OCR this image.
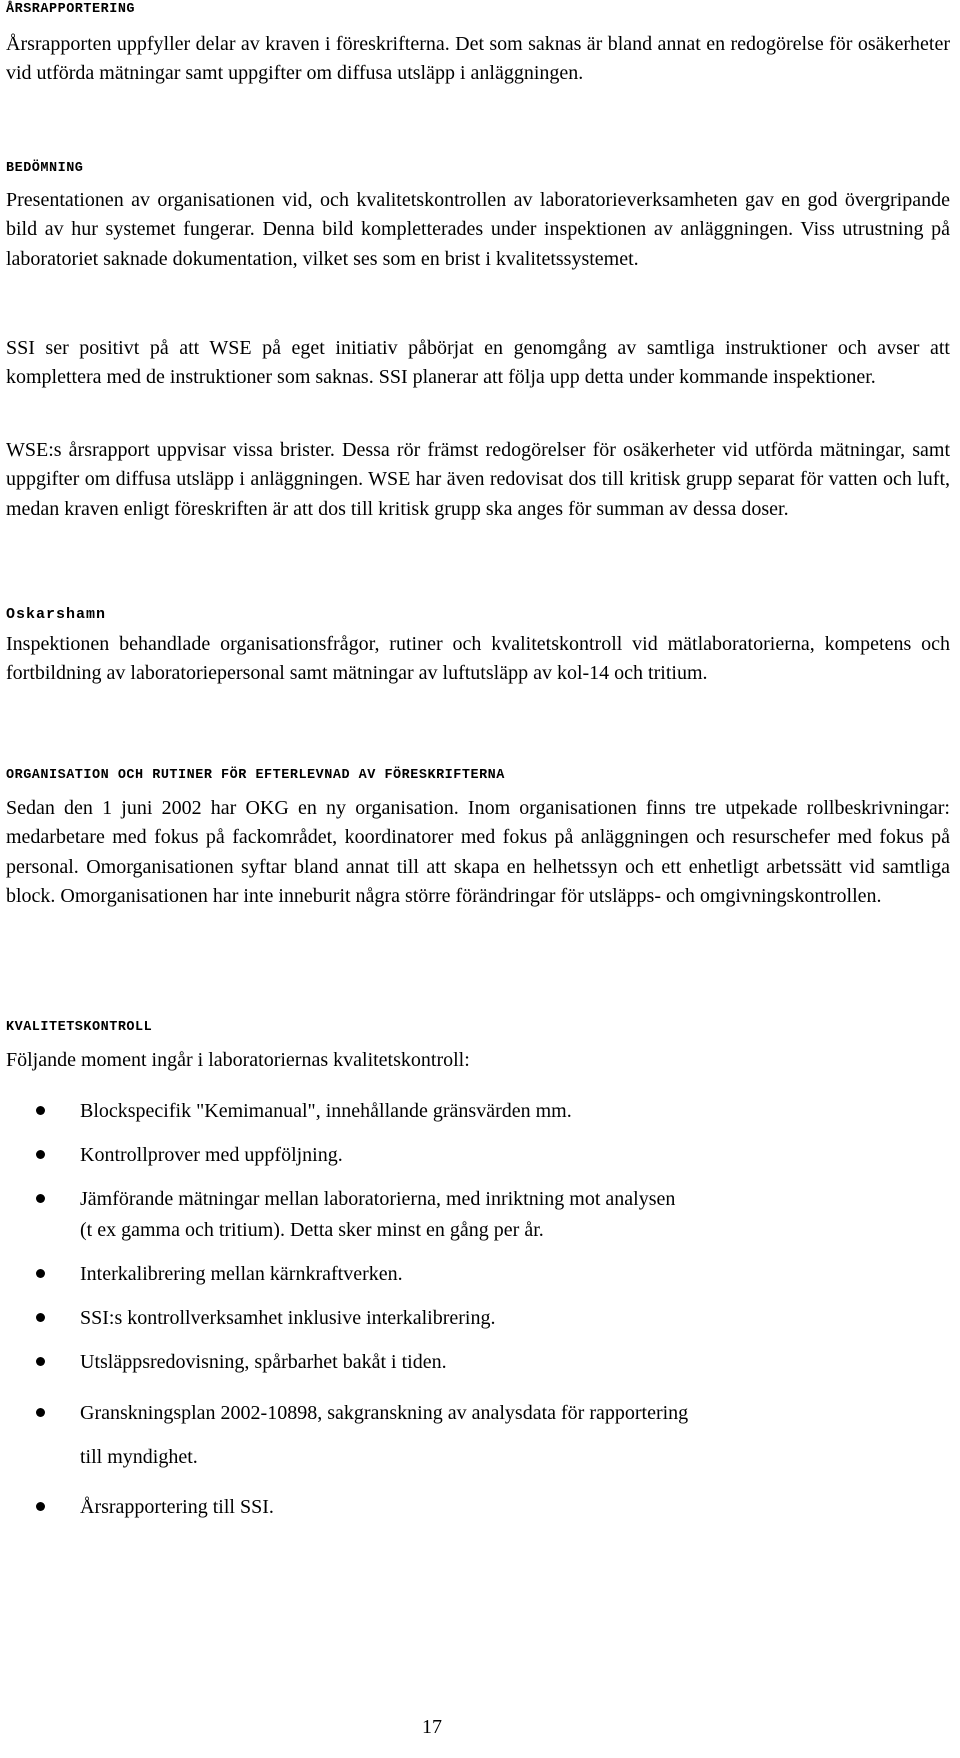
ÅRSRAPPORTERING

Årsrapporten uppfyller delar av kraven i föreskrifterna. Det som saknas är bland annat en redogörelse för osäkerheter vid utförda mätningar samt uppgifter om diffusa utsläpp i anläggningen.

BEDÖMNING

Presentationen av organisationen vid, och kvalitetskontrollen av laboratorieverksamheten gav en god övergripande bild av hur systemet fungerar. Denna bild kompletterades under inspektionen av anläggningen. Viss utrustning på laboratoriet saknade dokumentation, vilket ses som en brist i kvalitetssystemet.

SSI ser positivt på att WSE på eget initiativ påbörjat en genomgång av samtliga instruktioner och avser att komplettera med de instruktioner som saknas. SSI planerar att följa upp detta under kommande inspektioner.

WSE:s årsrapport uppvisar vissa brister. Dessa rör främst redogörelser för osäkerheter vid utförda mätningar, samt uppgifter om diffusa utsläpp i anläggningen. WSE har även redovisat dos till kritisk grupp separat för vatten och luft, medan kraven enligt föreskriften är att dos till kritisk grupp ska anges för summan av dessa doser.

Oskarshamn

Inspektionen behandlade organisationsfrågor, rutiner och kvalitetskontroll vid mätlaboratorierna, kompetens och fortbildning av laboratoriepersonal samt mätningar av luftutsläpp av kol-14 och tritium.

ORGANISATION OCH RUTINER FÖR EFTERLEVNAD AV FÖRESKRIFTERNA

Sedan den 1 juni 2002 har OKG en ny organisation. Inom organisationen finns tre utpekade rollbeskrivningar: medarbetare med fokus på fackområdet, koordinatorer med fokus på anläggningen och resurschefer med fokus på personal. Omorganisationen syftar bland annat till att skapa en helhetssyn och ett enhetligt arbetssätt vid samtliga block. Omorganisationen har inte inneburit några större förändringar för utsläpps- och omgivningskontrollen.

KVALITETSKONTROLL

Följande moment ingår i laboratoriernas kvalitetskontroll:

Blockspecifik "Kemimanual", innehållande gränsvärden mm.
Kontrollprover med uppföljning.
Jämförande mätningar mellan laboratorierna, med inriktning mot analysen
(t ex gamma och tritium). Detta sker minst en gång per år.
Interkalibrering mellan kärnkraftverken.
SSI:s kontrollverksamhet inklusive interkalibrering.
Utsläppsredovisning, spårbarhet bakåt i tiden.
Granskningsplan 2002-10898, sakgranskning av analysdata för rapportering
till myndighet.
Årsrapportering till SSI.
17
